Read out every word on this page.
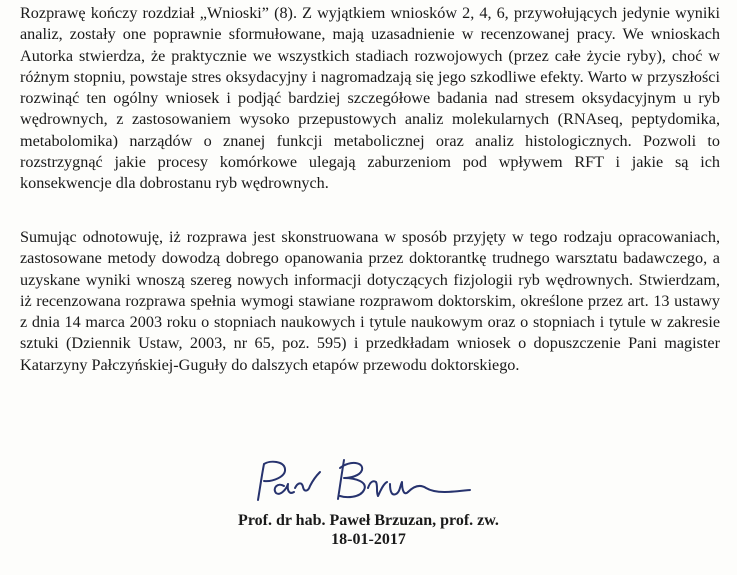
Rozprawę kończy rozdział „Wnioski” (8). Z wyjątkiem wniosków 2, 4, 6, przywołujących jedynie wyniki analiz, zostały one poprawnie sformułowane, mają uzasadnienie w recenzowanej pracy. We wnioskach Autorka stwierdza, że praktycznie we wszystkich stadiach rozwojowych (przez całe życie ryby), choć w różnym stopniu, powstaje stres oksydacyjny i nagromadzają się jego szkodliwe efekty. Warto w przyszłości rozwinąć ten ogólny wniosek i podjąć bardziej szczegółowe badania nad stresem oksydacyjnym u ryb wędrownych, z zastosowaniem wysoko przepustowych analiz molekularnych (RNAseq, peptydomika, metabolomika) narządów o znanej funkcji metabolicznej oraz analiz histologicznych. Pozwoli to rozstrzygnąć jakie procesy komórkowe ulegają zaburzeniom pod wpływem RFT i jakie są ich konsekwencje dla dobrostanu ryb wędrownych.

Sumując odnotowuję, iż rozprawa jest skonstruowana w sposób przyjęty w tego rodzaju opracowaniach, zastosowane metody dowodzą dobrego opanowania przez doktorantkę trudnego warsztatu badawczego, a uzyskane wyniki wnoszą szereg nowych informacji dotyczących fizjologii ryb wędrownych. Stwierdzam, iż recenzowana rozprawa spełnia wymogi stawiane rozprawom doktorskim, określone przez art. 13 ustawy z dnia 14 marca 2003 roku o stopniach naukowych i tytule naukowym oraz o stopniach i tytule w zakresie sztuki (Dziennik Ustaw, 2003, nr 65, poz. 595) i przedkładam wniosek o dopuszczenie Pani magister Katarzyny Pałczyńskiej-Guguły do dalszych etapów przewodu doktorskiego.

Prof. dr hab. Paweł Brzuzan, prof. zw.
18-01-2017
